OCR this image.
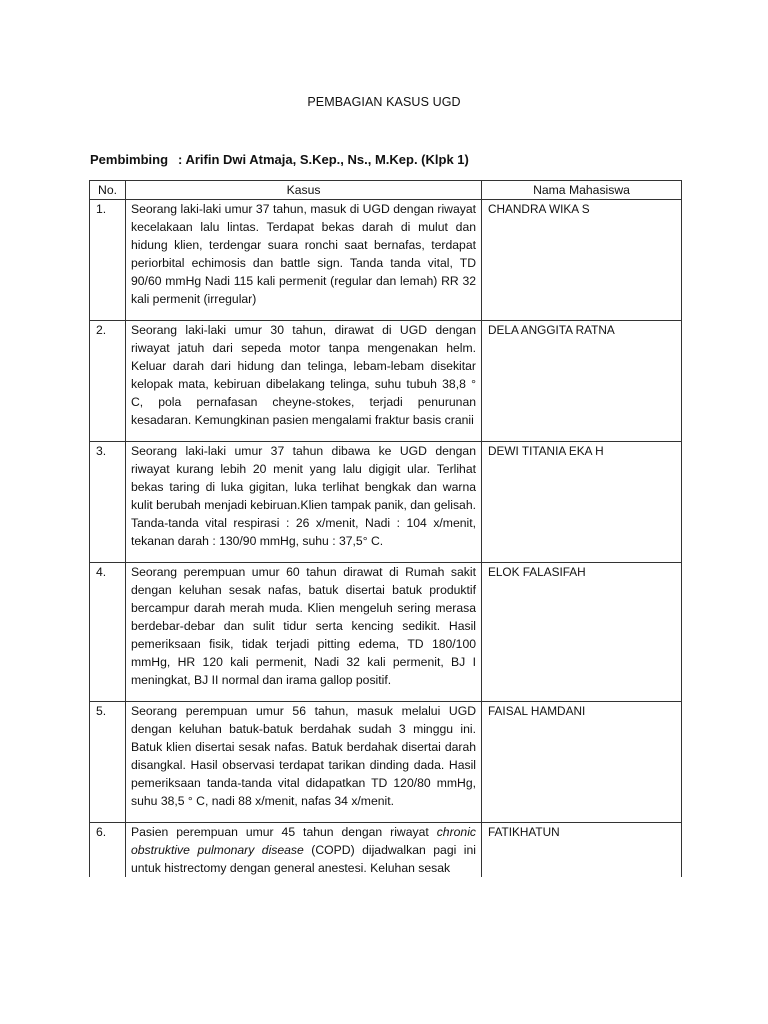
PEMBAGIAN KASUS UGD
Pembimbing : Arifin Dwi Atmaja, S.Kep., Ns., M.Kep. (Klpk 1)
No.	Kasus	Nama Mahasiswa
1.	Seorang laki-laki umur 37 tahun, masuk di UGD dengan riwayat kecelakaan lalu lintas. Terdapat bekas darah di mulut dan hidung klien, terdengar suara ronchi saat bernafas, terdapat periorbital echimosis dan battle sign. Tanda tanda vital, TD 90/60 mmHg Nadi 115 kali permenit (regular dan lemah) RR 32 kali permenit (irregular)	CHANDRA WIKA S
2.	Seorang laki-laki umur 30 tahun, dirawat di UGD dengan riwayat jatuh dari sepeda motor tanpa mengenakan helm. Keluar darah dari hidung dan telinga, lebam-lebam disekitar kelopak mata, kebiruan dibelakang telinga, suhu tubuh 38,8 ° C, pola pernafasan cheyne-stokes, terjadi penurunan kesadaran. Kemungkinan pasien mengalami fraktur basis cranii	DELA ANGGITA RATNA
3.	Seorang laki-laki umur 37 tahun dibawa ke UGD dengan riwayat kurang lebih 20 menit yang lalu digigit ular. Terlihat bekas taring di luka gigitan, luka terlihat bengkak dan warna kulit berubah menjadi kebiruan.Klien tampak panik, dan gelisah. Tanda-tanda vital respirasi : 26 x/menit, Nadi : 104 x/menit, tekanan darah : 130/90 mmHg, suhu : 37,5° C.	DEWI TITANIA EKA H
4.	Seorang perempuan umur 60 tahun dirawat di Rumah sakit dengan keluhan sesak nafas, batuk disertai batuk produktif bercampur darah merah muda. Klien mengeluh sering merasa berdebar-debar dan sulit tidur serta kencing sedikit. Hasil pemeriksaan fisik, tidak terjadi pitting edema, TD 180/100 mmHg, HR 120 kali permenit, Nadi 32 kali permenit, BJ I meningkat, BJ II normal dan irama gallop positif.	ELOK FALASIFAH
5.	Seorang perempuan umur 56 tahun, masuk melalui UGD dengan keluhan batuk-batuk berdahak sudah 3 minggu ini. Batuk klien disertai sesak nafas. Batuk berdahak disertai darah disangkal. Hasil observasi terdapat tarikan dinding dada. Hasil pemeriksaan tanda-tanda vital didapatkan TD 120/80 mmHg, suhu 38,5 ° C, nadi 88 x/menit, nafas 34 x/menit.	FAISAL HAMDANI
6.	Pasien perempuan umur 45 tahun dengan riwayat chronic obstruktive pulmonary disease (COPD) dijadwalkan pagi ini untuk histrectomy dengan general anestesi. Keluhan sesak	FATIKHATUN
